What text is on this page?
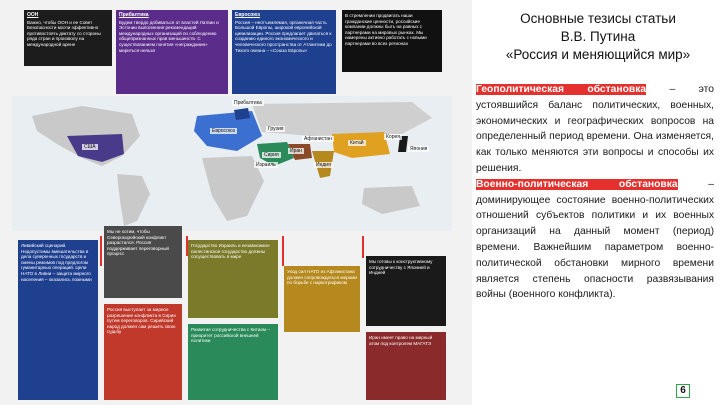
ООН
Важно, чтобы ООН и ее Совет Безопасности могли эффективно противостоять диктату со стороны ряда стран и произволу на международной арене
Прибалтика
Будем твердо добиваться от властей Латвии и Эстонии выполнения рекомендаций международных организаций по соблюдению общепризнанных прав меньшинств. С существованием понятия «негражданин» мириться нельзя
Евросоюз
Россия – неотъемлемая, органичная часть Большой Европы, широкой европейской цивилизации. Россия предлагает двигаться к созданию единого экономического и человеческого пространства от Атлантики до Тихого океана – «Союза Европы»
В стремлении продвигать наши гражданские ценности, российские компании должны быть на равных с партнерами на мировых рынках. Мы намерены активно работать с новыми партнерами во всех регионах
США
Прибалтика
Евросоюз
Иран
Сирия
Израиль
Афганистан
Китай
Индия
Корея
Япония
Грузия
Ливийский сценарий. Недопустимы вмешательства в дела суверенных государств и смены режимов под предлогом гуманитарных операций. Цели НАТО в Ливии – защита мирного населения – оказались ложными
Мы не хотим, чтобы Северокорейский конфликт разрастался. Россия поддерживает переговорный процесс
Россия выступает за мирное разрешение конфликта в Сирии путем переговоров. Сирийский народ должен сам решить свою судьбу
Государство Израиль и независимое палестинское государство должны сосуществовать в мире
Развитие сотрудничества с Китаем – приоритет российской внешней политики
Уход сил НАТО из Афганистана должен сопровождаться мерами по борьбе с наркотрафиком
Мы готовы к конструктивному сотрудничеству с Японией и Индией
Иран имеет право на мирный атом под контролем МАГАТЭ
Основные тезисы статьи
В.В. Путина
«Россия и меняющийся мир»

Геополитическая обстановка – это устоявшийся баланс политических, военных, экономических и географических вопросов на определенный период времени. Она изменяется, как только меняются эти вопросы и способы их решения.
Военно-политическая обстановка – доминирующее состояние военно-политических отношений субъектов политики и их военных организаций на данный момент (период) времени. Важнейшим параметром военно-политической обстановки мирного времени является степень опасности развязывания войны (военного конфликта).

6
